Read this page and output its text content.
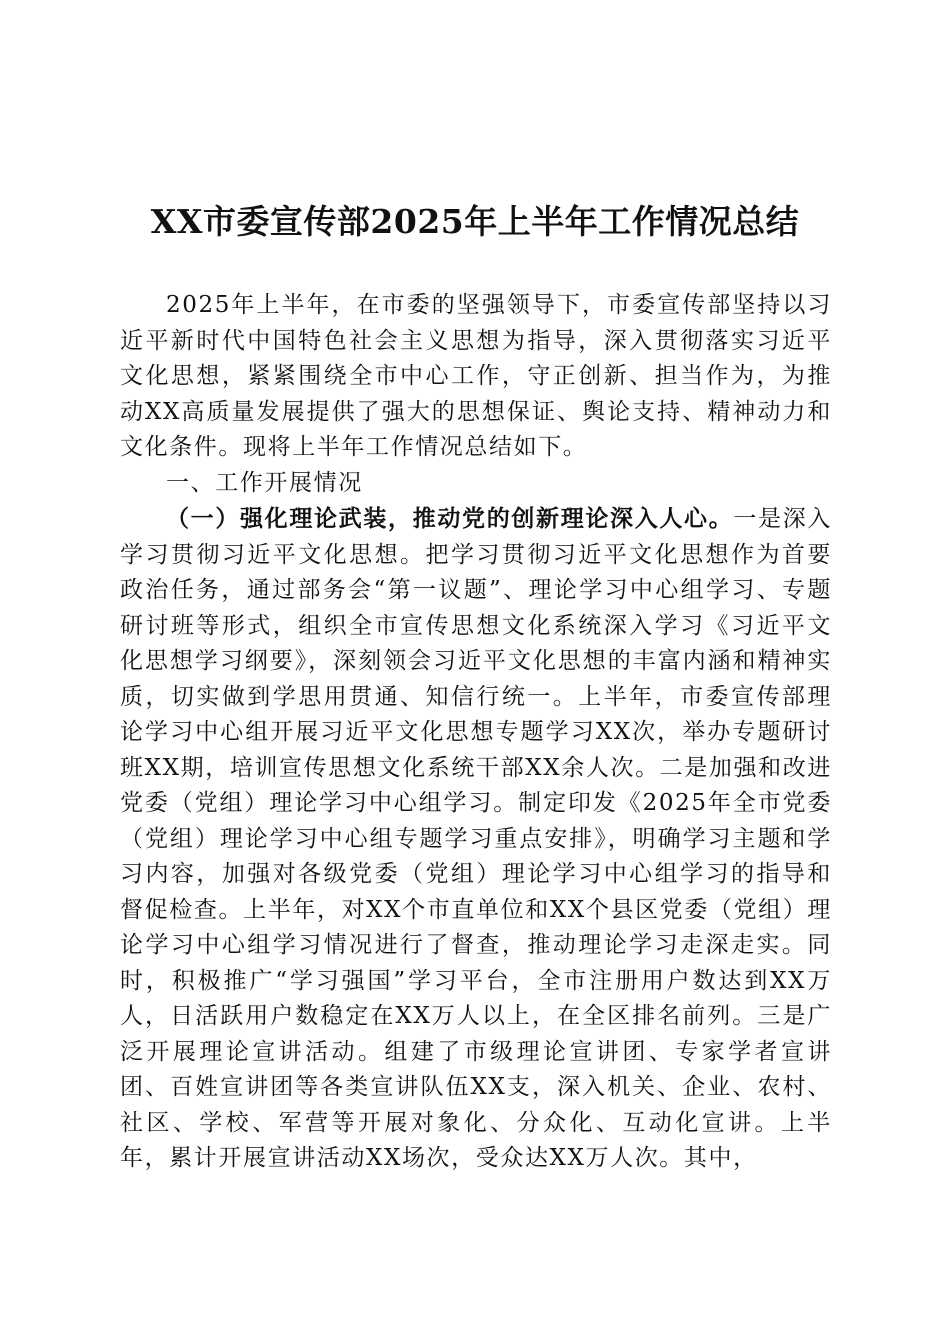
XX市委宣传部2025年上半年工作情况总结

2025年上半年，在市委的坚强领导下，市委宣传部坚持以习近平新时代中国特色社会主义思想为指导，深入贯彻落实习近平文化思想，紧紧围绕全市中心工作，守正创新、担当作为，为推动XX高质量发展提供了强大的思想保证、舆论支持、精神动力和文化条件。现将上半年工作情况总结如下。

一、工作开展情况

（一）强化理论武装，推动党的创新理论深入人心。一是深入学习贯彻习近平文化思想。把学习贯彻习近平文化思想作为首要政治任务，通过部务会“第一议题”、理论学习中心组学习、专题研讨班等形式，组织全市宣传思想文化系统深入学习《习近平文化思想学习纲要》，深刻领会习近平文化思想的丰富内涵和精神实质，切实做到学思用贯通、知信行统一。上半年，市委宣传部理论学习中心组开展习近平文化思想专题学习XX次，举办专题研讨班XX期，培训宣传思想文化系统干部XX余人次。二是加强和改进党委（党组）理论学习中心组学习。制定印发《2025年全市党委（党组）理论学习中心组专题学习重点安排》，明确学习主题和学习内容，加强对各级党委（党组）理论学习中心组学习的指导和督促检查。上半年，对XX个市直单位和XX个县区党委（党组）理论学习中心组学习情况进行了督查，推动理论学习走深走实。同时，积极推广“学习强国”学习平台，全市注册用户数达到XX万人，日活跃用户数稳定在XX万人以上，在全区排名前列。三是广泛开展理论宣讲活动。组建了市级理论宣讲团、专家学者宣讲团、百姓宣讲团等各类宣讲队伍XX支，深入机关、企业、农村、社区、学校、军营等开展对象化、分众化、互动化宣讲。上半年，累计开展宣讲活动XX场次，受众达XX万人次。其中，
